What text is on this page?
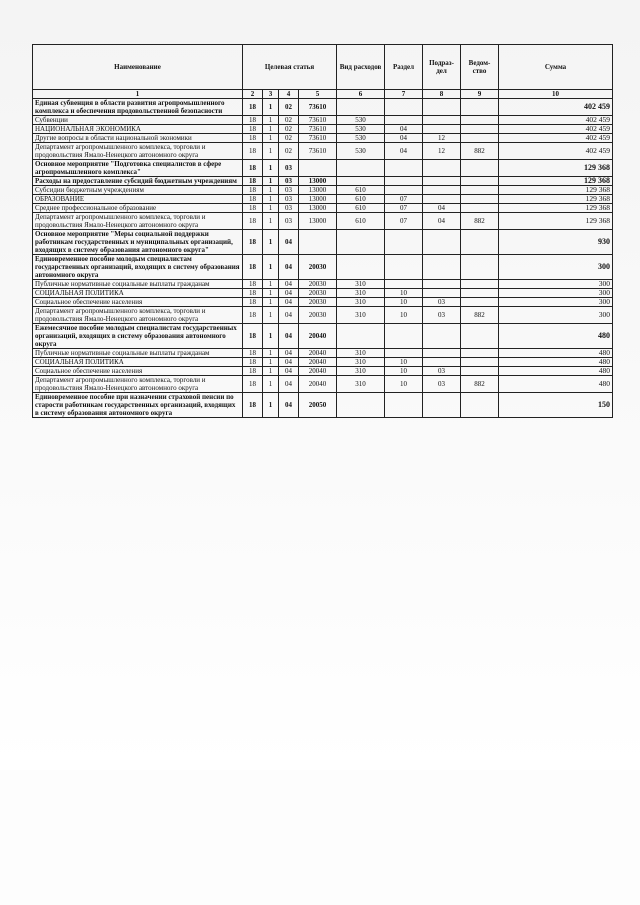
Наименование	Целевая статья				Вид расходов	Раздел	Подраз-дел	Ведом-ство	Сумма
1	2	3	4	5	6	7	8	9	10
Единая субвенция в области развития агропромышленного комплекса и обеспечения продовольственной безопасности	18	1	02	73610					402 459
Субвенции	18	1	02	73610	530				402 459
НАЦИОНАЛЬНАЯ ЭКОНОМИКА	18	1	02	73610	530	04			402 459
Другие вопросы в области национальной экономики	18	1	02	73610	530	04	12		402 459
Департамент агропромышленного комплекса, торговли и продовольствия Ямало-Ненецкого автономного округа	18	1	02	73610	530	04	12	882	402 459
Основное мероприятие "Подготовка специалистов в сфере агропромышленного комплекса"	18	1	03						129 368
Расходы на предоставление субсидий бюджетным учреждениям	18	1	03	13000					129 368
Субсидии бюджетным учреждениям	18	1	03	13000	610				129 368
ОБРАЗОВАНИЕ	18	1	03	13000	610	07			129 368
Среднее профессиональное образование	18	1	03	13000	610	07	04		129 368
Департамент агропромышленного комплекса, торговли и продовольствия Ямало-Ненецкого автономного округа	18	1	03	13000	610	07	04	882	129 368
Основное мероприятие "Меры социальной поддержки работникам государственных и муниципальных организаций, входящих в систему образования автономного округа"	18	1	04						930
Единовременное пособие молодым специалистам государственных организаций, входящих в систему образования автономного округа	18	1	04	20030					300
Публичные нормативные социальные выплаты гражданам	18	1	04	20030	310				300
СОЦИАЛЬНАЯ ПОЛИТИКА	18	1	04	20030	310	10			300
Социальное обеспечение населения	18	1	04	20030	310	10	03		300
Департамент агропромышленного комплекса, торговли и продовольствия Ямало-Ненецкого автономного округа	18	1	04	20030	310	10	03	882	300
Ежемесячное пособие молодым специалистам государственных организаций, входящих в систему образования автономного округа	18	1	04	20040					480
Публичные нормативные социальные выплаты гражданам	18	1	04	20040	310				480
СОЦИАЛЬНАЯ ПОЛИТИКА	18	1	04	20040	310	10			480
Социальное обеспечение населения	18	1	04	20040	310	10	03		480
Департамент агропромышленного комплекса, торговли и продовольствия Ямало-Ненецкого автономного округа	18	1	04	20040	310	10	03	882	480
Единовременное пособие при назначении страховой пенсии по старости работникам государственных организаций, входящих в систему образования автономного округа	18	1	04	20050					150
